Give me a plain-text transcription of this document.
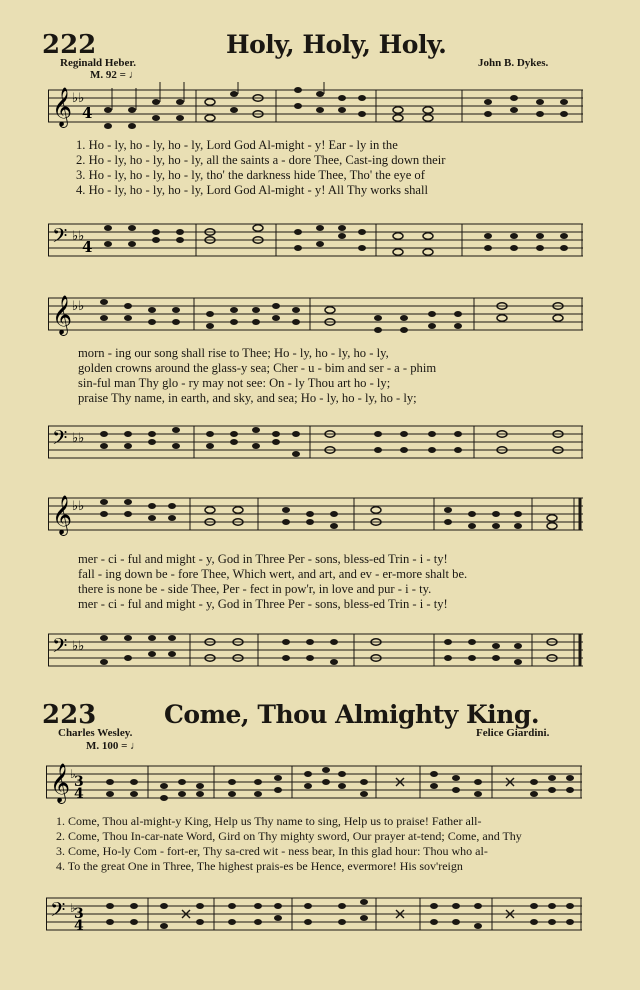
222	Holy, Holy, Holy.
Reginald Heber.	John B. Dykes.
M. 92 = ♩
𝄞 ♭♭
4
1. Ho - ly, ho - ly, ho - ly, Lord God Al-might - y! Ear - ly in the
2. Ho - ly, ho - ly, ho - ly, all the saints a - dore Thee, Cast-ing down their
3. Ho - ly, ho - ly, ho - ly, tho' the darkness hide Thee, Tho' the eye of
4. Ho - ly, ho - ly, ho - ly, Lord God Al-might - y! All Thy works shall
𝄢 ♭♭
4
𝄞 ♭♭
morn - ing our song shall rise to Thee; Ho - ly, ho - ly, ho - ly,
golden crowns around the glass-y sea; Cher - u - bim and ser - a - phim
sin-ful man Thy glo - ry may not see: On - ly Thou art ho - ly;
praise Thy name, in earth, and sky, and sea; Ho - ly, ho - ly, ho - ly;
𝄢 ♭♭
𝄞 ♭♭
mer - ci - ful and might - y, God in Three Per - sons, bless-ed Trin - i - ty!
fall - ing down be - fore Thee, Which wert, and art, and ev - er-more shalt be.
there is none be - side Thee, Per - fect in pow'r, in love and pur - i - ty.
mer - ci - ful and might - y, God in Three Per - sons, bless-ed Trin - i - ty!
𝄢 ♭♭
223	Come, Thou Almighty King.
Charles Wesley.	Felice Giardini.
M. 100 = ♩
𝄞 ♭
3
4
1. Come, Thou al-might-y King, Help us Thy name to sing, Help us to praise! Father all-
2. Come, Thou In-car-nate Word, Gird on Thy mighty sword, Our prayer at-tend; Come, and Thy
3. Come, Ho-ly Com - fort-er, Thy sa-cred wit - ness bear, In this glad hour: Thou who al-
4. To the great One in Three, The highest prais-es be Hence, evermore! His sov'reign
𝄢 ♭
3
4
